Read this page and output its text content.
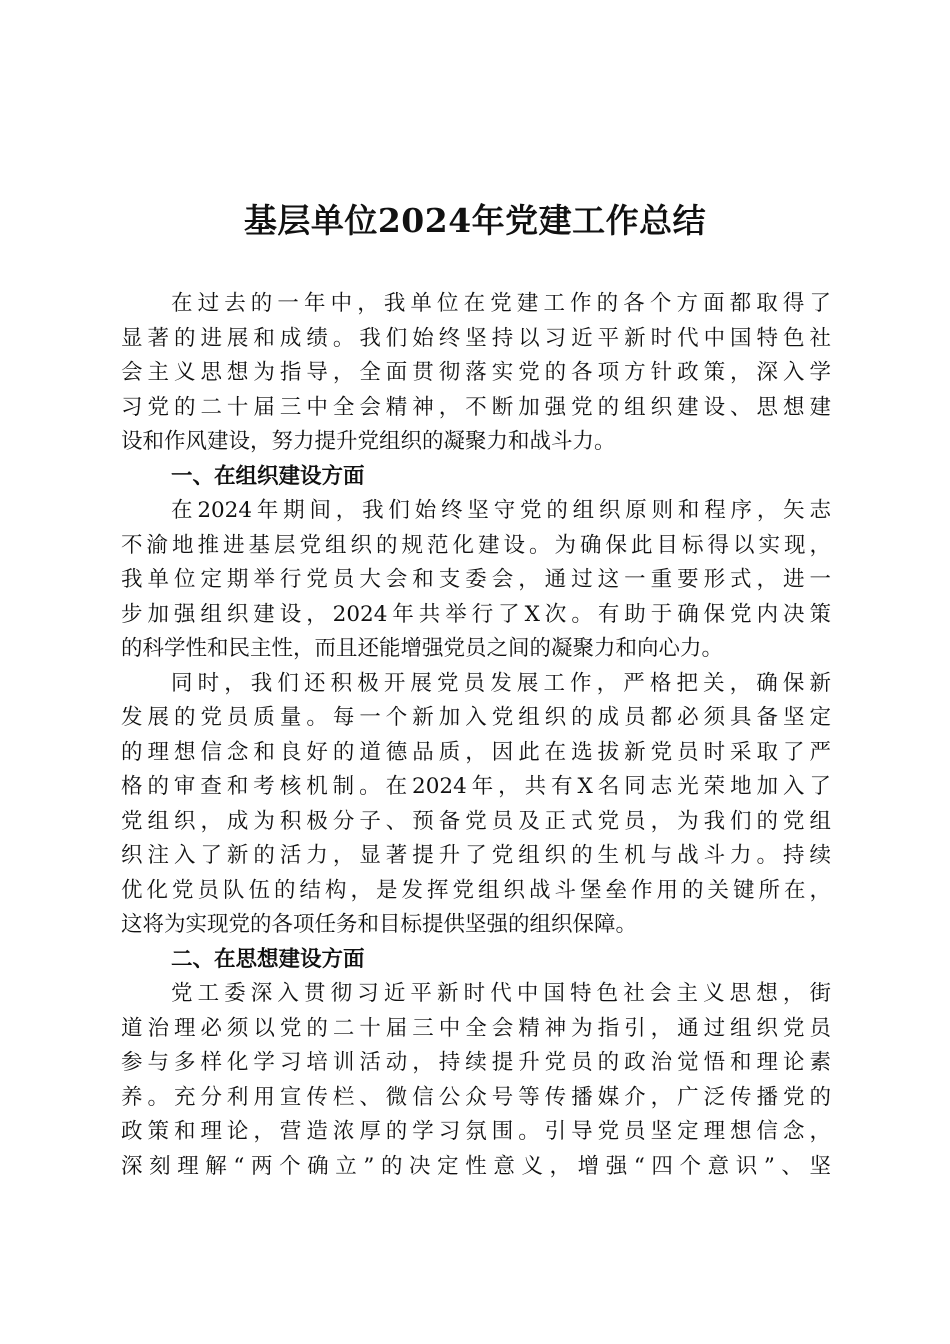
基层单位2024年党建工作总结
在过去的一年中，我单位在党建工作的各个方面都取得了
显著的进展和成绩。我们始终坚持以习近平新时代中国特色社
会主义思想为指导，全面贯彻落实党的各项方针政策，深入学
习党的二十届三中全会精神，不断加强党的组织建设、思想建
设和作风建设，努力提升党组织的凝聚力和战斗力。
一、在组织建设方面
在2024年期间，我们始终坚守党的组织原则和程序，矢志
不渝地推进基层党组织的规范化建设。为确保此目标得以实现，
我单位定期举行党员大会和支委会，通过这一重要形式，进一
步加强组织建设，2024年共举行了X次。有助于确保党内决策
的科学性和民主性，而且还能增强党员之间的凝聚力和向心力。
同时，我们还积极开展党员发展工作，严格把关，确保新
发展的党员质量。每一个新加入党组织的成员都必须具备坚定
的理想信念和良好的道德品质，因此在选拔新党员时采取了严
格的审查和考核机制。在2024年，共有X名同志光荣地加入了
党组织，成为积极分子、预备党员及正式党员，为我们的党组
织注入了新的活力，显著提升了党组织的生机与战斗力。持续
优化党员队伍的结构，是发挥党组织战斗堡垒作用的关键所在，
这将为实现党的各项任务和目标提供坚强的组织保障。
二、在思想建设方面
党工委深入贯彻习近平新时代中国特色社会主义思想，街
道治理必须以党的二十届三中全会精神为指引，通过组织党员
参与多样化学习培训活动，持续提升党员的政治觉悟和理论素
养。充分利用宣传栏、微信公众号等传播媒介，广泛传播党的
政策和理论，营造浓厚的学习氛围。引导党员坚定理想信念，
深刻理解“两个确立”的决定性意义，增强“四个意识”、坚
